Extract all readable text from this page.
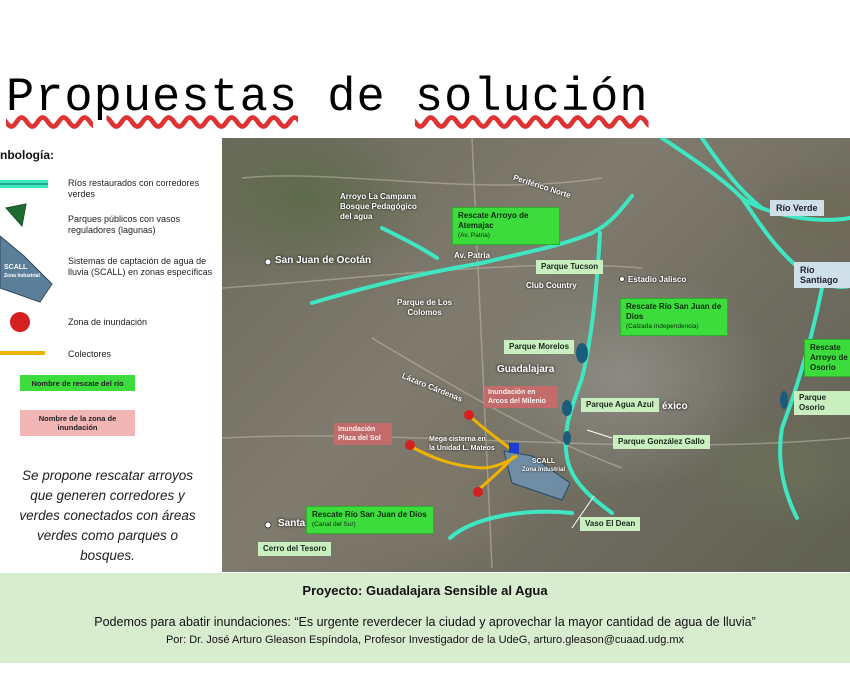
Propuestas de solución
nbología:
SCALL
Zona Industrial
Ríos restaurados con corredores verdes
Parques públicos con vasos reguladores (lagunas)
Sistemas de captación de agua de lluvia (SCALL) en zonas específicas
Zona de inundación
Colectores
Nombre de rescate del río
Nombre de la zona de inundación
Se propone rescatar arroyos
que generen corredores y
verdes conectados con áreas
verdes como parques o
bosques.
San Juan de Ocotán
Guadalajara
éxico
Santa
Periférico Norte
Av. Patria
Lázaro Cárdenas
Arroyo La Campana
Bosque Pedagógico
del agua
Estadio Jalisco
Club Country
Parque de Los
Colomos
Mega cisterna en
la Unidad L. Mateos
Rescate Arroyo de Atemajac
(Av. Patria)
Rescate Río San Juan de Dios
(Calzada Independencia)
Rescate Arroyo de Osorio
Rescate Río San Juan de Dios
(Canal del Sur)
Inundación en Arcos del Milenio
Inundación Plaza del Sol
Parque Tucson
Parque Morelos
Parque Agua Azul
Parque González Gallo
Parque Osorio
Vaso El Dean
Cerro del Tesoro
Río Verde
Río Santiago
SCALL
Zona Industrial
Proyecto: Guadalajara Sensible al Agua
Podemos para abatir inundaciones: “Es urgente reverdecer la ciudad y aprovechar la mayor cantidad de agua de lluvia”
Por: Dr. José Arturo Gleason Espíndola, Profesor Investigador de la UdeG, arturo.gleason@cuaad.udg.mx
